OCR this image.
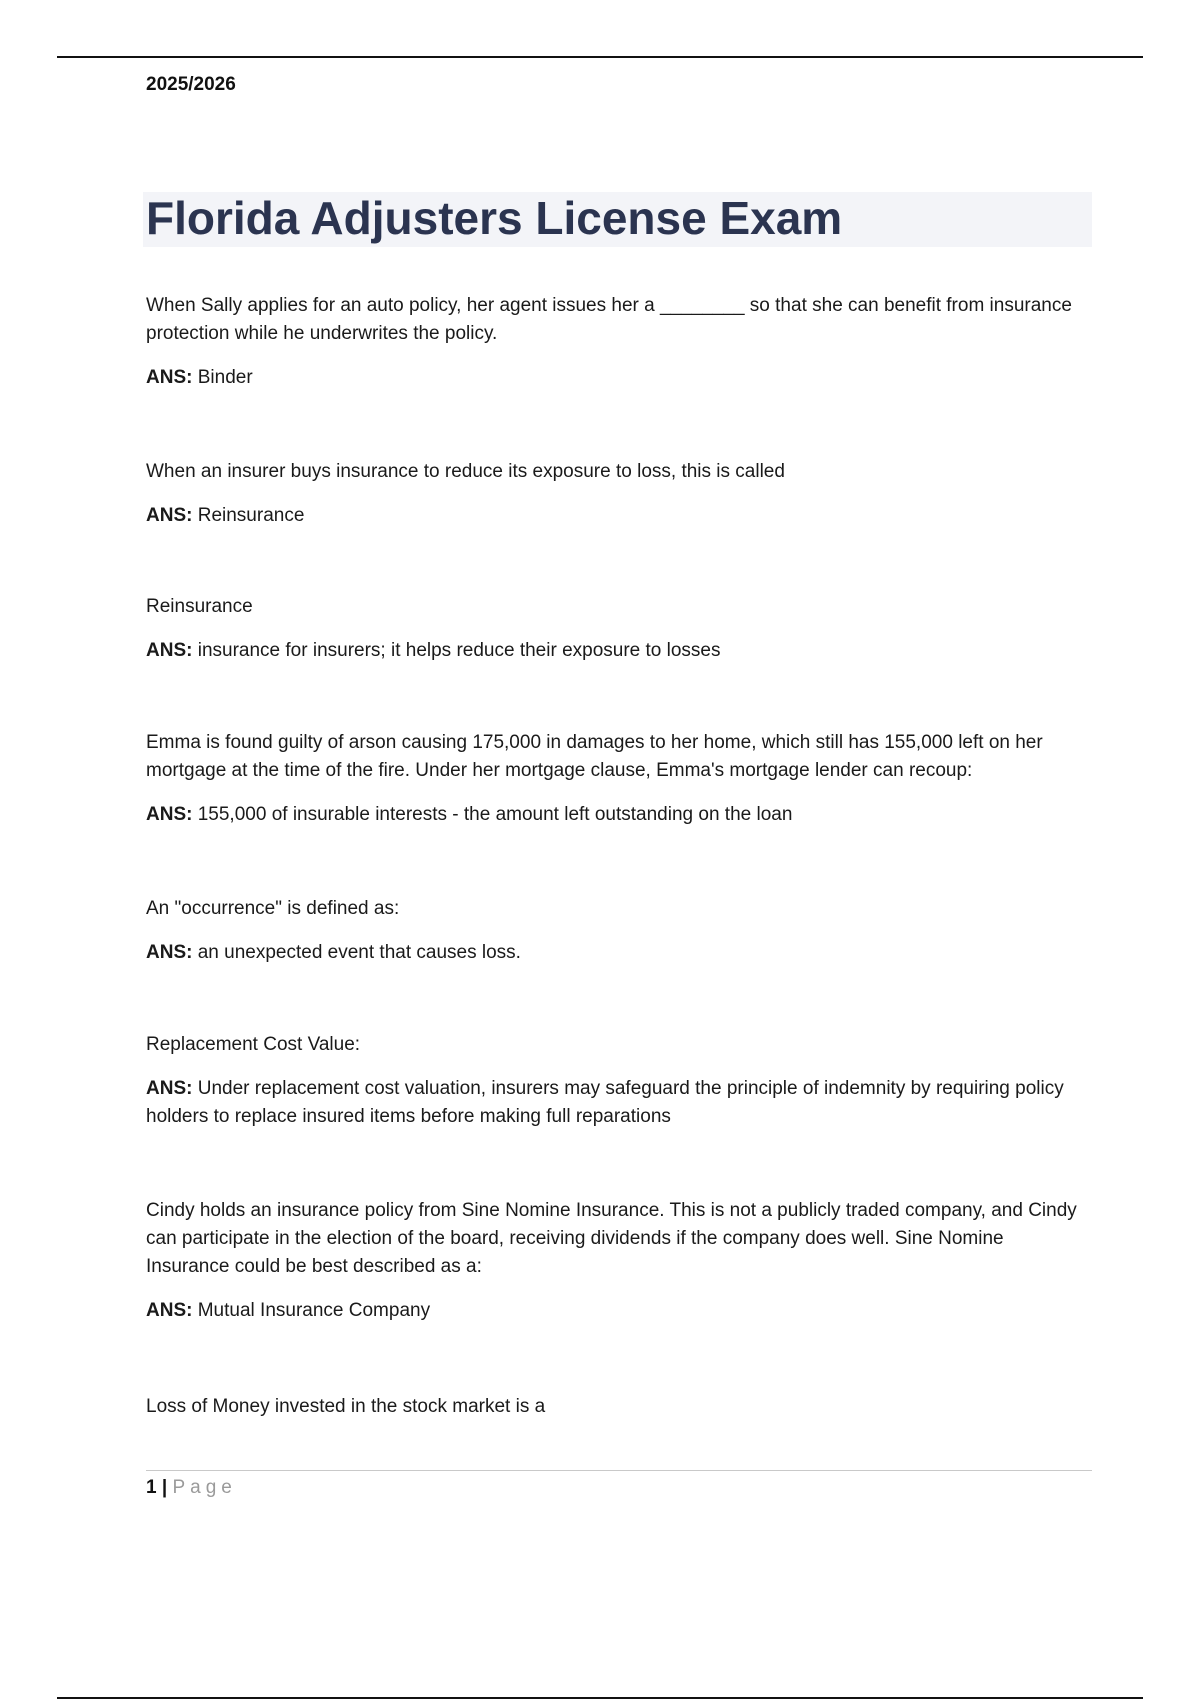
2025/2026
Florida Adjusters License Exam

When Sally applies for an auto policy, her agent issues her a ________ so that she can benefit from insurance protection while he underwrites the policy.

ANS: Binder

When an insurer buys insurance to reduce its exposure to loss, this is called

ANS: Reinsurance

Reinsurance

ANS: insurance for insurers; it helps reduce their exposure to losses

Emma is found guilty of arson causing 175,000 in damages to her home, which still has 155,000 left on her mortgage at the time of the fire. Under her mortgage clause, Emma's mortgage lender can recoup:

ANS: 155,000 of insurable interests - the amount left outstanding on the loan

An "occurrence" is defined as:

ANS: an unexpected event that causes loss.

Replacement Cost Value:

ANS: Under replacement cost valuation, insurers may safeguard the principle of indemnity by requiring policy holders to replace insured items before making full reparations

Cindy holds an insurance policy from Sine Nomine Insurance. This is not a publicly traded company, and Cindy can participate in the election of the board, receiving dividends if the company does well. Sine Nomine Insurance could be best described as a:

ANS: Mutual Insurance Company

Loss of Money invested in the stock market is a
1 | Page
